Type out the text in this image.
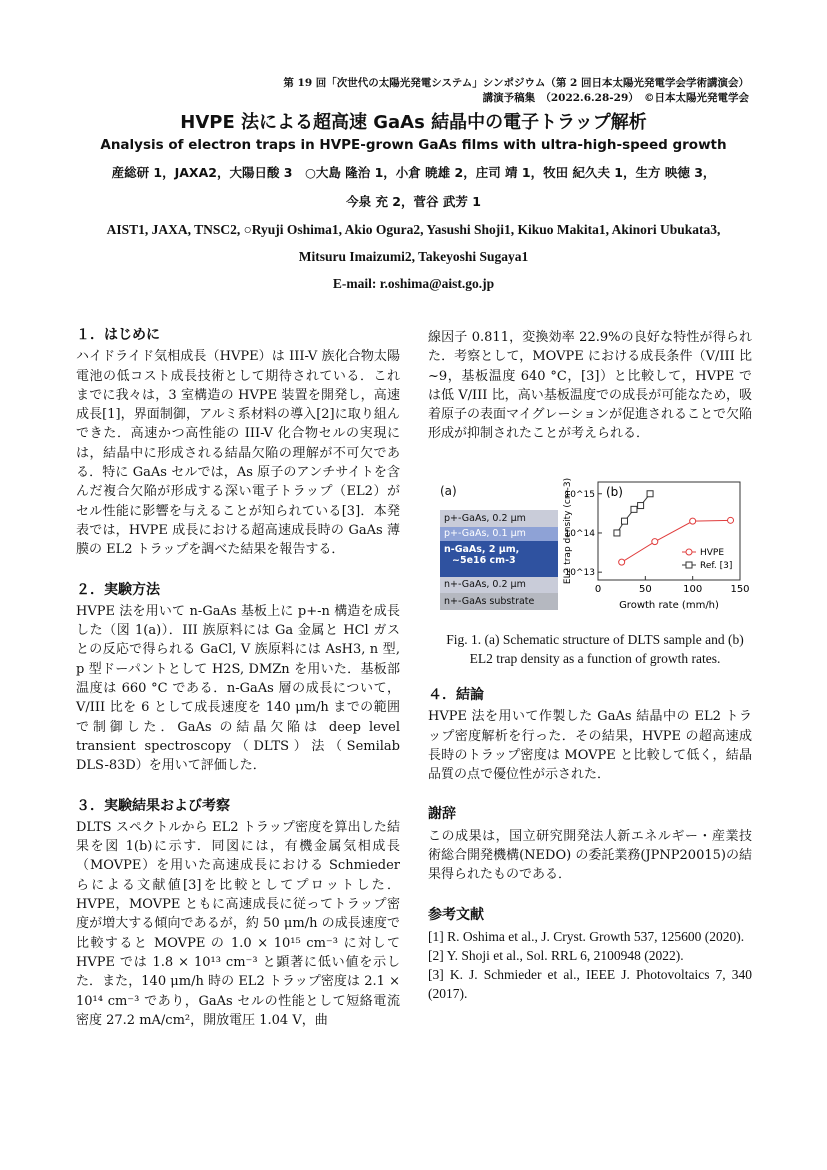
第 19 回「次世代の太陽光発電システム」シンポジウム（第 2 回日本太陽光発電学会学術講演会）
講演予稿集　（2022.6.28-29）　©日本太陽光発電学会
HVPE 法による超高速 GaAs 結晶中の電子トラップ解析
Analysis of electron traps in HVPE-grown GaAs films with ultra-high-speed growth
産総研 1，JAXA2，大陽日酸 3　○大島 隆治 1，小倉 暁雄 2，庄司 靖 1，牧田 紀久夫 1，生方 映徳 3，
今泉 充 2，菅谷 武芳 1
AIST1, JAXA, TNSC2, ○Ryuji Oshima1, Akio Ogura2, Yasushi Shoji1, Kikuo Makita1, Akinori Ubukata3,
Mitsuru Imaizumi2, Takeyoshi Sugaya1
E-mail: r.oshima@aist.go.jp

１．はじめに

ハイドライド気相成長（HVPE）は III-V 族化合物太陽電池の低コスト成長技術として期待されている．これまでに我々は，3 室構造の HVPE 装置を開発し，高速成長[1]，界面制御，アルミ系材料の導入[2]に取り組んできた．高速かつ高性能の III-V 化合物セルの実現には，結晶中に形成される結晶欠陥の理解が不可欠である．特に GaAs セルでは，As 原子のアンチサイトを含んだ複合欠陥が形成する深い電子トラップ（EL2）がセル性能に影響を与えることが知られている[3]．本発表では，HVPE 成長における超高速成長時の GaAs 薄膜の EL2 トラップを調べた結果を報告する．

２．実験方法

HVPE 法を用いて n-GaAs 基板上に p+-n 構造を成長した（図 1(a)）．III 族原料には Ga 金属と HCl ガスとの反応で得られる GaCl, V 族原料には AsH3, n 型, p 型ドーパントとして H2S, DMZn を用いた．基板部温度は 660 °C である．n-GaAs 層の成長について，V/III 比を 6 として成長速度を 140 μm/h までの範囲で制御した．GaAs の結晶欠陥は deep level transient spectroscopy（DLTS）法（Semilab DLS-83D）を用いて評価した．

３．実験結果および考察

DLTS スペクトルから EL2 トラップ密度を算出した結果を図 1(b)に示す．同図には，有機金属気相成長（MOVPE）を用いた高速成長における Schmieder らによる文献値[3]を比較としてプロットした．HVPE，MOVPE ともに高速成長に従ってトラップ密度が増大する傾向であるが，約 50 μm/h の成長速度で比較すると MOVPE の 1.0 × 10¹⁵ cm⁻³ に対して HVPE では 1.8 × 10¹³ cm⁻³ と顕著に低い値を示した．また，140 μm/h 時の EL2 トラップ密度は 2.1 × 10¹⁴ cm⁻³ であり，GaAs セルの性能として短絡電流密度 27.2 mA/cm²，開放電圧 1.04 V，曲

線因子 0.811，変換効率 22.9%の良好な特性が得られた．考察として，MOVPE における成長条件（V/III 比~9，基板温度 640 °C，[3]）と比較して，HVPE では低 V/III 比，高い基板温度での成長が可能なため，吸着原子の表面マイグレーションが促進されることで欠陥形成が抑制されたことが考えられる．

(a)
p+-GaAs, 0.2 μm
p+-GaAs, 0.1 μm
n-GaAs, 2 μm,
~5e16 cm-3
n+-GaAs, 0.2 μm
n+-GaAs substrate
(b)
0	50	100	150
10^13
10^14
10^15
Growth rate (mm/h)
EL2 trap density (cm-3)	HVPE
Ref. [3]
Fig. 1. (a) Schematic structure of DLTS sample and (b) EL2 trap density as a function of growth rates.

４．結論

HVPE 法を用いて作製した GaAs 結晶中の EL2 トラップ密度解析を行った．その結果，HVPE の超高速成長時のトラップ密度は MOVPE と比較して低く，結晶品質の点で優位性が示された．

謝辞

この成果は，国立研究開発法人新エネルギー・産業技術総合開発機構(NEDO) の委託業務(JPNP20015)の結果得られたものである．

参考文献

[1] R. Oshima et al., J. Cryst. Growth 537, 125600 (2020).

[2] Y. Shoji et al., Sol. RRL 6, 2100948 (2022).

[3] K. J. Schmieder et al., IEEE J. Photovoltaics 7, 340 (2017).
